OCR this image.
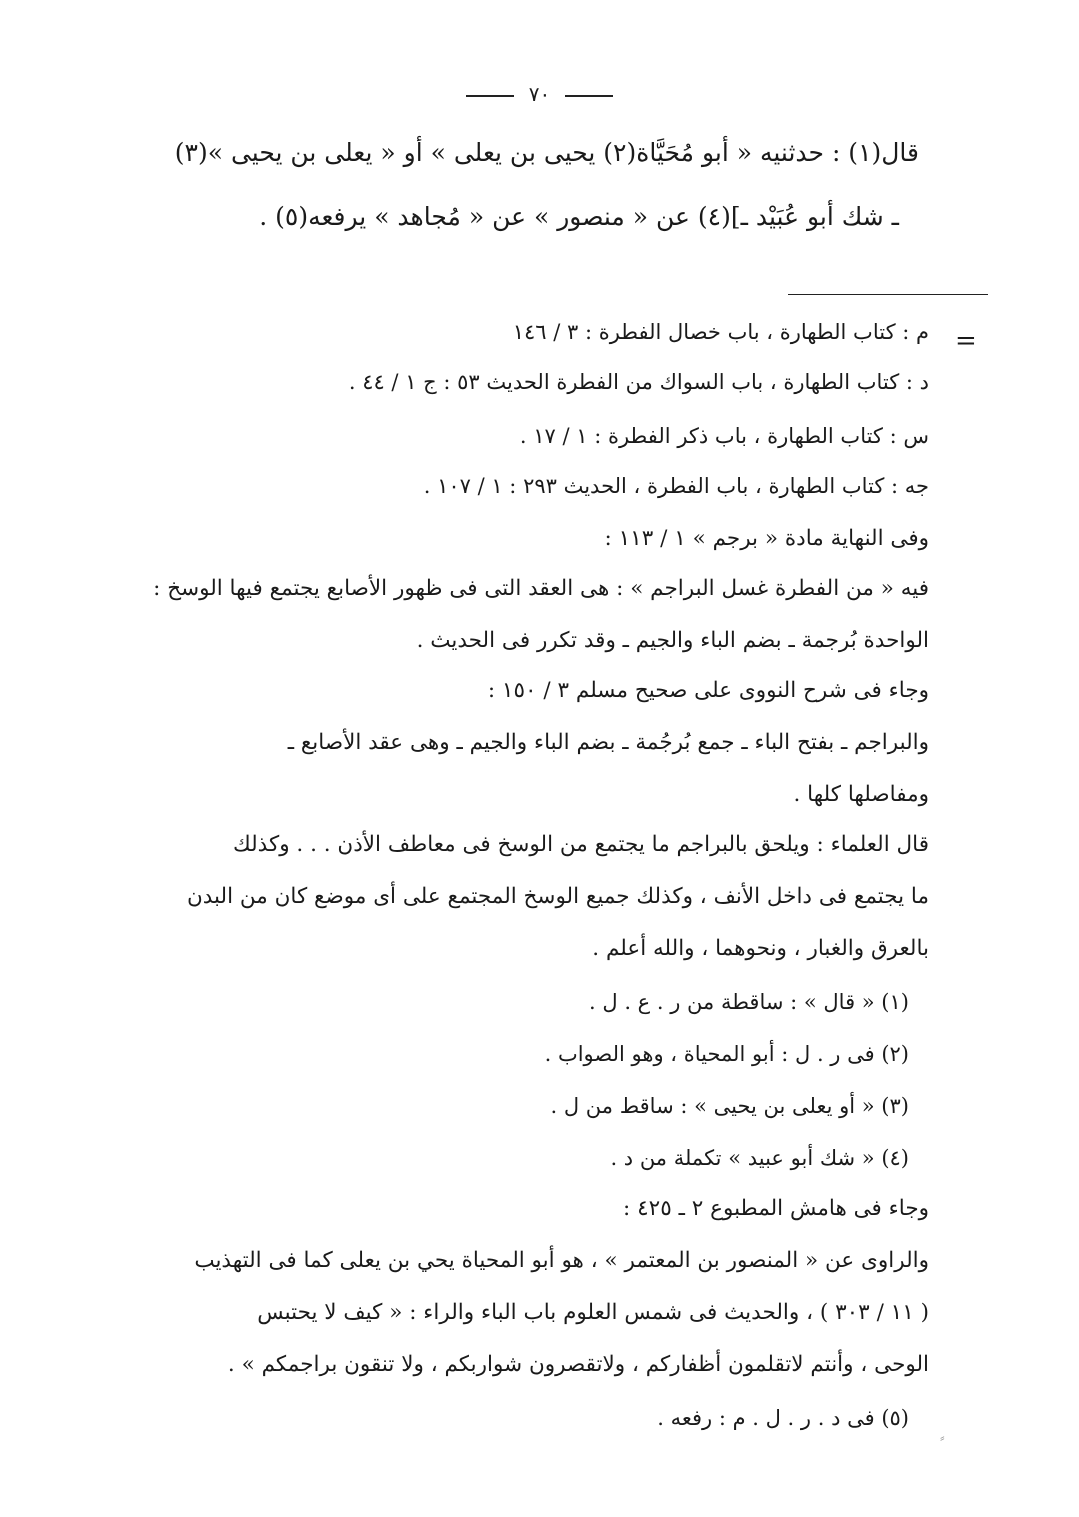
٧٠
قال(١) : حدثنيه « أبو مُحَيَّاة(٢) يحيى بن يعلى » أو « يعلى بن يحيى »(٣)
ـ شك أبو عُبَيْد ـ](٤) عن « منصور » عن « مُجاهد » يرفعه(٥) .
=
م : كتاب الطهارة ، باب خصال الفطرة : ٣ / ١٤٦
د : كتاب الطهارة ، باب السواك من الفطرة الحديث ٥٣ : ج ١ / ٤٤ .
س : كتاب الطهارة ، باب ذكر الفطرة : ١ / ١٧ .
جه : كتاب الطهارة ، باب الفطرة ، الحديث ٢٩٣ : ١ / ١٠٧ .
وفى النهاية مادة « برجم » ١ / ١١٣ :
فيه « من الفطرة غسل البراجم » : هى العقد التى فى ظهور الأصابع يجتمع فيها الوسخ :
الواحدة بُرجمة ـ بضم الباء والجيم ـ وقد تكرر فى الحديث .
وجاء فى شرح النووى على صحيح مسلم ٣ / ١٥٠ :
والبراجم ـ بفتح الباء ـ جمع بُرجُمة ـ بضم الباء والجيم ـ وهى عقد الأصابع ـ
ومفاصلها كلها .
قال العلماء : ويلحق بالبراجم ما يجتمع من الوسخ فى معاطف الأذن . . . وكذلك
ما يجتمع فى داخل الأنف ، وكذلك جميع الوسخ المجتمع على أى موضع كان من البدن
بالعرق والغبار ، ونحوهما ، والله أعلم .
(١) « قال » : ساقطة من ر . ع . ل .
(٢) فى ر . ل : أبو المحياة ، وهو الصواب .
(٣) « أو يعلى بن يحيى » : ساقط من ل .
(٤) « شك أبو عبيد » تكملة من د .
وجاء فى هامش المطبوع ٢ ـ ٤٢٥ :
والراوى عن « المنصور بن المعتمر » ، هو أبو المحياة يحي بن يعلى كما فى التهذيب
( ١١ / ٣٠٣ ) ، والحديث فى شمس العلوم باب الباء والراء : « كيف لا يحتبس
الوحى ، وأنتم لاتقلمون أظفاركم ، ولاتقصرون شواربكم ، ولا تنقون براجمكم » .
(٥) فى د . ر . ل . م : رفعه .
⸗
